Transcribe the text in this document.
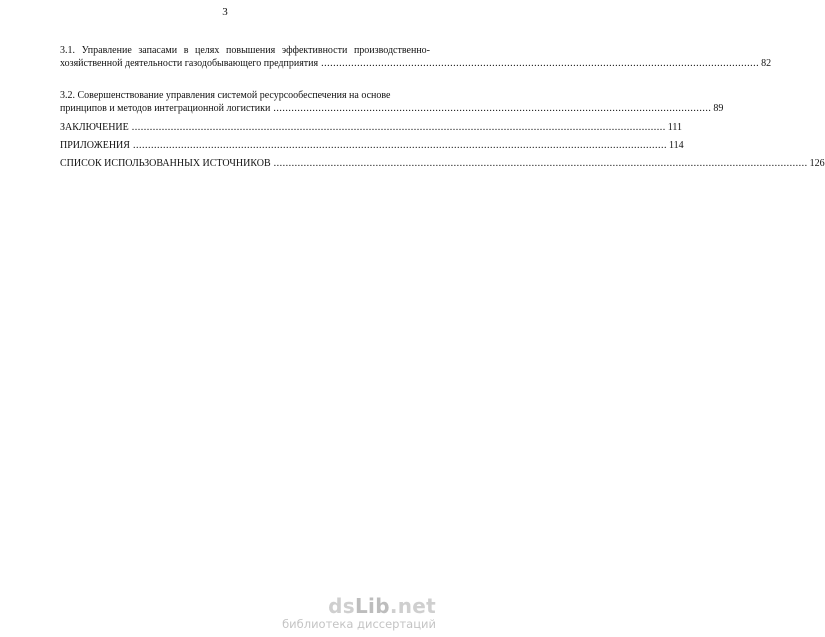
3
3.1. Управление запасами в целях повышения эффективности производственно-
хозяйственной деятельности газодобывающего предприятия .................................................................................................................................................. 82
3.2. Совершенствование управления системой ресурсообеспечения на основе
принципов и методов интеграционной логистики .................................................................................................................................................. 89
ЗАКЛЮЧЕНИЕ .................................................................................................................................................................................. 111
ПРИЛОЖЕНИЯ .................................................................................................................................................................................. 114
СПИСОК ИСПОЛЬЗОВАННЫХ ИСТОЧНИКОВ .................................................................................................................................................................................. 126
dsLib.net
библиотека диссертаций
